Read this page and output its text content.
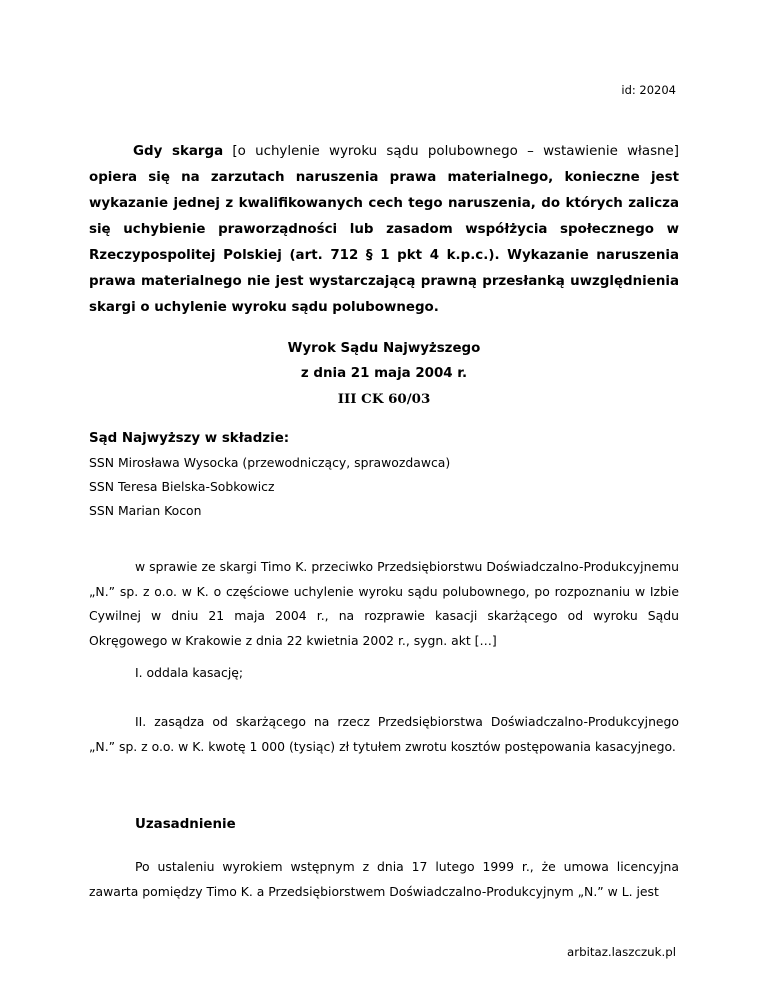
id: 20204
Gdy skarga [o uchylenie wyroku sądu polubownego – wstawienie własne] opiera się na zarzutach naruszenia prawa materialnego, konieczne jest wykazanie jednej z kwalifikowanych cech tego naruszenia, do których zalicza się uchybienie praworządności lub zasadom współżycia społecznego w Rzeczypospolitej Polskiej (art. 712 § 1 pkt 4 k.p.c.). Wykazanie naruszenia prawa materialnego nie jest wystarczającą prawną przesłanką uwzględnienia skargi o uchylenie wyroku sądu polubownego.
Wyrok Sądu Najwyższego
z dnia 21 maja 2004 r.
III CK 60/03
Sąd Najwyższy w składzie:
SSN Mirosława Wysocka (przewodniczący, sprawozdawca)
SSN Teresa Bielska-Sobkowicz
SSN Marian Kocon
w sprawie ze skargi Timo K. przeciwko Przedsiębiorstwu Doświadczalno-Produkcyjnemu „N.” sp. z o.o. w K. o częściowe uchylenie wyroku sądu polubownego, po rozpoznaniu w Izbie Cywilnej w dniu 21 maja 2004 r., na rozprawie kasacji skarżącego od wyroku Sądu Okręgowego w Krakowie z dnia 22 kwietnia 2002 r., sygn. akt […]
I. oddala kasację;
II. zasądza od skarżącego na rzecz Przedsiębiorstwa Doświadczalno-Produkcyjnego „N.” sp. z o.o. w K. kwotę 1 000 (tysiąc) zł tytułem zwrotu kosztów postępowania kasacyjnego.
Uzasadnienie
Po ustaleniu wyrokiem wstępnym z dnia 17 lutego 1999 r., że umowa licencyjna zawarta pomiędzy Timo K. a Przedsiębiorstwem Doświadczalno-Produkcyjnym „N.” w L. jest
arbitaz.laszczuk.pl
